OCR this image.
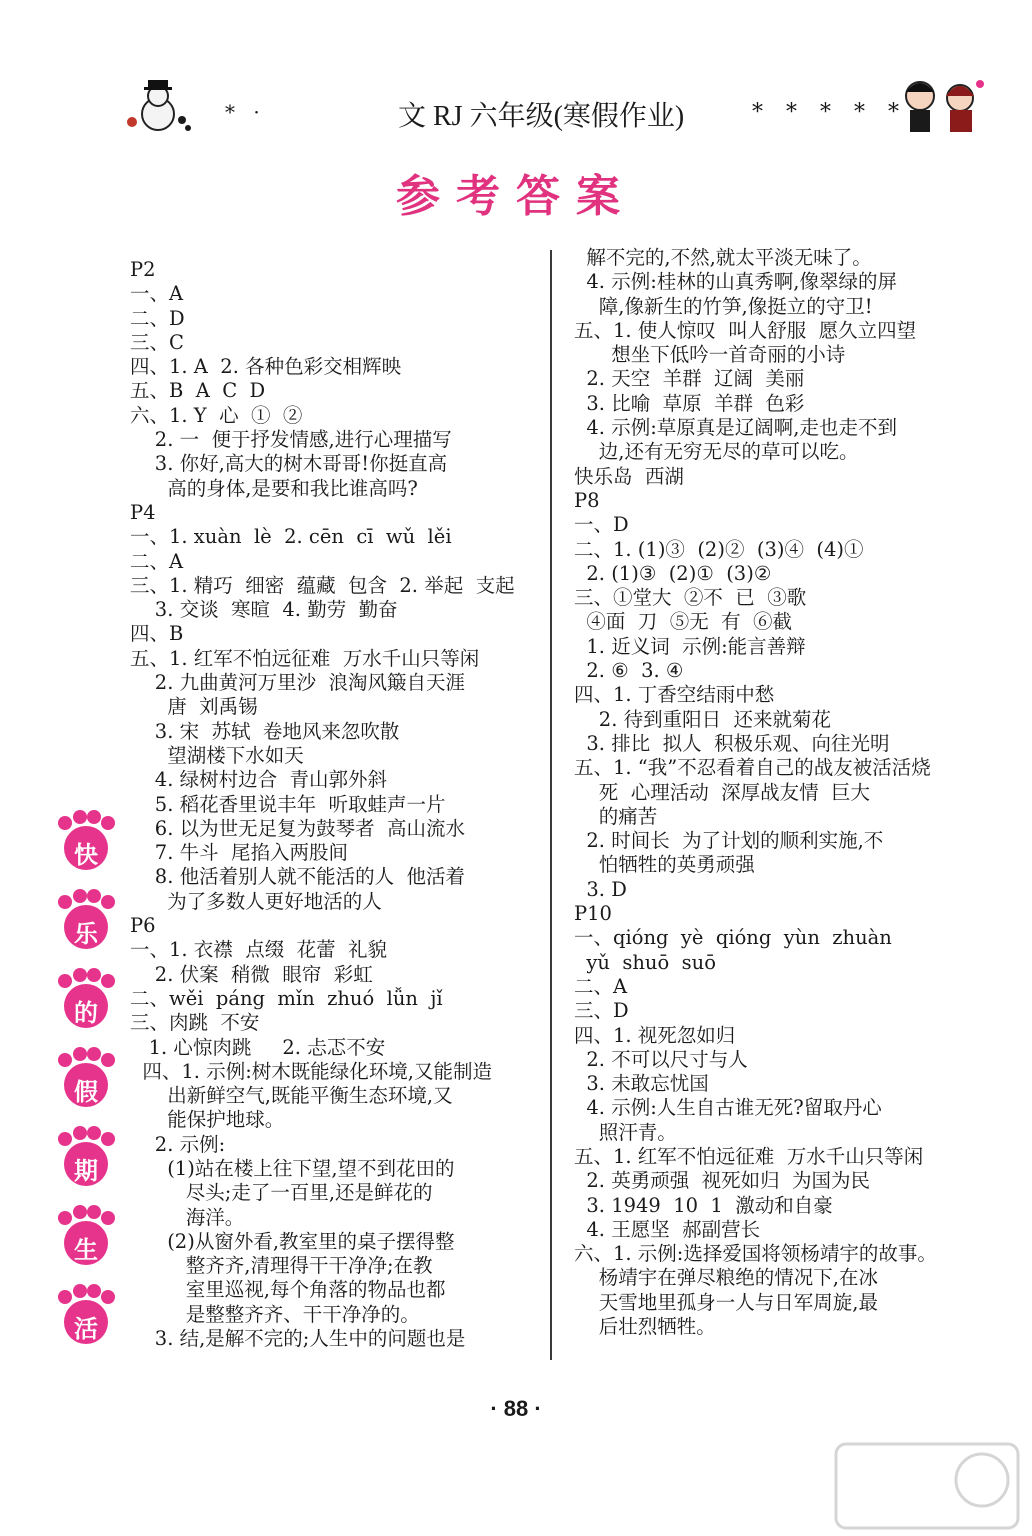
* ·	文 RJ 六年级(寒假作业)	* * * * *
参考答案
P2
一、A
二、D
三、C
四、1. A  2. 各种色彩交相辉映
五、B  A  C  D
六、1. Y  心  ①  ②
2. 一  便于抒发情感,进行心理描写
3. 你好,高大的树木哥哥!你挺直高
高的身体,是要和我比谁高吗?
P4
一、1. xuàn  lè  2. cēn  cī  wǔ  lěi
二、A
三、1. 精巧  细密  蕴藏  包含  2. 举起  支起
3. 交谈  寒暄  4. 勤劳  勤奋
四、B
五、1. 红军不怕远征难  万水千山只等闲
2. 九曲黄河万里沙  浪淘风簸自天涯
唐  刘禹锡
3. 宋  苏轼  卷地风来忽吹散
望湖楼下水如天
4. 绿树村边合  青山郭外斜
5. 稻花香里说丰年  听取蛙声一片
6. 以为世无足复为鼓琴者  高山流水
7. 牛斗  尾掐入两股间
8. 他活着别人就不能活的人  他活着
为了多数人更好地活的人
P6
一、1. 衣襟  点缀  花蕾  礼貌
2. 伏案  稍微  眼帘  彩虹
二、wěi  páng  mǐn  zhuó  lǚn  jǐ
三、肉跳  不安
1. 心惊肉跳     2. 忐忑不安
四、1. 示例:树木既能绿化环境,又能制造
出新鲜空气,既能平衡生态环境,又
能保护地球。
2. 示例:
(1)站在楼上往下望,望不到花田的
尽头;走了一百里,还是鲜花的
海洋。
(2)从窗外看,教室里的桌子摆得整
整齐齐,清理得干干净净;在教
室里巡视,每个角落的物品也都
是整整齐齐、干干净净的。
3. 结,是解不完的;人生中的问题也是
解不完的,不然,就太平淡无味了。
4. 示例:桂林的山真秀啊,像翠绿的屏
障,像新生的竹笋,像挺立的守卫!
五、1. 使人惊叹  叫人舒服  愿久立四望
想坐下低吟一首奇丽的小诗
2. 天空  羊群  辽阔  美丽
3. 比喻  草原  羊群  色彩
4. 示例:草原真是辽阔啊,走也走不到
边,还有无穷无尽的草可以吃。
快乐岛  西湖
P8
一、D
二、1. (1)③  (2)②  (3)④  (4)①
2. (1)③  (2)①  (3)②
三、①堂大  ②不  已  ③歌
④面  刀  ⑤无  有  ⑥截
1. 近义词  示例:能言善辩
2. ⑥  3. ④
四、1. 丁香空结雨中愁
2. 待到重阳日  还来就菊花
3. 排比  拟人  积极乐观、向往光明
五、1. “我”不忍看着自己的战友被活活烧
死  心理活动  深厚战友情  巨大
的痛苦
2. 时间长  为了计划的顺利实施,不
怕牺牲的英勇顽强
3. D
P10
一、qióng  yè  qióng  yùn  zhuàn
yǔ  shuō  suō
二、A
三、D
四、1. 视死忽如归
2. 不可以尺寸与人
3. 未敢忘忧国
4. 示例:人生自古谁无死?留取丹心
照汗青。
五、1. 红军不怕远征难  万水千山只等闲
2. 英勇顽强  视死如归  为国为民
3. 1949  10  1  激动和自豪
4. 王愿坚  郝副营长
六、1. 示例:选择爱国将领杨靖宇的故事。
杨靖宇在弹尽粮绝的情况下,在冰
天雪地里孤身一人与日军周旋,最
后壮烈牺牲。
快
乐
的
假
期
生
活
· 88 ·
